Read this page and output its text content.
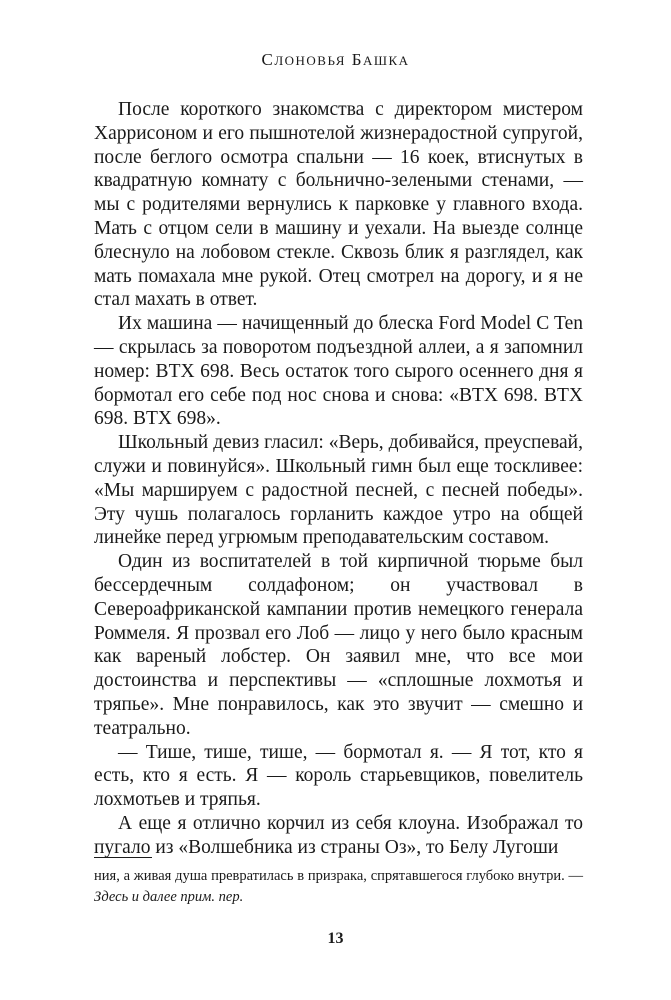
СЛОНОВЬЯ БАШКА

После короткого знакомства с директором мистером Харрисоном и его пышнотелой жизнерадостной супругой, после беглого осмотра спальни — 16 коек, втиснутых в квадратную комнату с больнично-зелеными стенами, — мы с родителями вернулись к парковке у главного входа. Мать с отцом сели в машину и уехали. На выезде солнце блеснуло на лобовом стекле. Сквозь блик я разглядел, как мать помахала мне рукой. Отец смотрел на дорогу, и я не стал махать в ответ.

Их машина — начищенный до блеска Ford Model C Ten — скрылась за поворотом подъездной аллеи, а я запомнил номер: BTX 698. Весь остаток того сырого осеннего дня я бормотал его себе под нос снова и снова: «BTX 698. BTX 698. BTX 698».

Школьный девиз гласил: «Верь, добивайся, преуспевай, служи и повинуйся». Школьный гимн был еще тоскливее: «Мы маршируем с радостной песней, с песней победы». Эту чушь полагалось горланить каждое утро на общей линейке перед угрюмым преподавательским составом.

Один из воспитателей в той кирпичной тюрьме был бессердечным солдафоном; он участвовал в Североафриканской кампании против немецкого генерала Роммеля. Я прозвал его Лоб — лицо у него было красным как вареный лобстер. Он заявил мне, что все мои достоинства и перспективы — «сплошные лохмотья и тряпье». Мне понравилось, как это звучит — смешно и театрально.

— Тише, тише, тише, — бормотал я. — Я тот, кто я есть, кто я есть. Я — король старьевщиков, повелитель лохмотьев и тряпья.

А еще я отлично корчил из себя клоуна. Изображал то пугало из «Волшебника из страны Оз», то Белу Лугоши

ния, а живая душа превратилась в призрака, спрятавшегося глубоко внутри. — Здесь и далее прим. пер.

13
